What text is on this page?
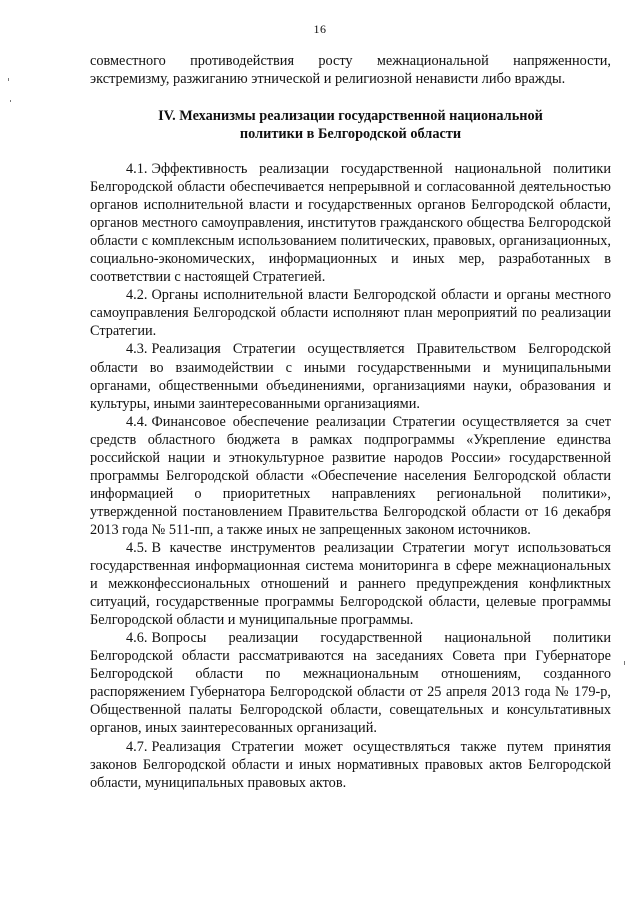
16

совместного противодействия росту межнациональной напряженности, экстремизму, разжиганию этнической и религиозной ненависти либо вражды.

IV. Механизмы реализации государственной национальной
политики в Белгородской области

4.1. Эффективность реализации государственной национальной политики Белгородской области обеспечивается непрерывной и согласованной деятельностью органов исполнительной власти и государственных органов Белгородской области, органов местного самоуправления, институтов гражданского общества Белгородской области с комплексным использованием политических, правовых, организационных, социально-экономических, информационных и иных мер, разработанных в соответствии с настоящей Стратегией.

4.2. Органы исполнительной власти Белгородской области и органы местного самоуправления Белгородской области исполняют план мероприятий по реализации Стратегии.

4.3. Реализация Стратегии осуществляется Правительством Белгородской области во взаимодействии с иными государственными и муниципальными органами, общественными объединениями, организациями науки, образования и культуры, иными заинтересованными организациями.

4.4. Финансовое обеспечение реализации Стратегии осуществляется за счет средств областного бюджета в рамках подпрограммы «Укрепление единства российской нации и этнокультурное развитие народов России» государственной программы Белгородской области «Обеспечение населения Белгородской области информацией о приоритетных направлениях региональной политики», утвержденной постановлением Правительства Белгородской области от 16 декабря 2013 года № 511-пп, а также иных не запрещенных законом источников.

4.5. В качестве инструментов реализации Стратегии могут использоваться государственная информационная система мониторинга в сфере межнациональных и межконфессиональных отношений и раннего предупреждения конфликтных ситуаций, государственные программы Белгородской области, целевые программы Белгородской области и муниципальные программы.

4.6. Вопросы реализации государственной национальной политики Белгородской области рассматриваются на заседаниях Совета при Губернаторе Белгородской области по межнациональным отношениям, созданного распоряжением Губернатора Белгородской области от 25 апреля 2013 года № 179-р, Общественной палаты Белгородской области, совещательных и консультативных органов, иных заинтересованных организаций.

4.7. Реализация Стратегии может осуществляться также путем принятия законов Белгородской области и иных нормативных правовых актов Белгородской области, муниципальных правовых актов.
